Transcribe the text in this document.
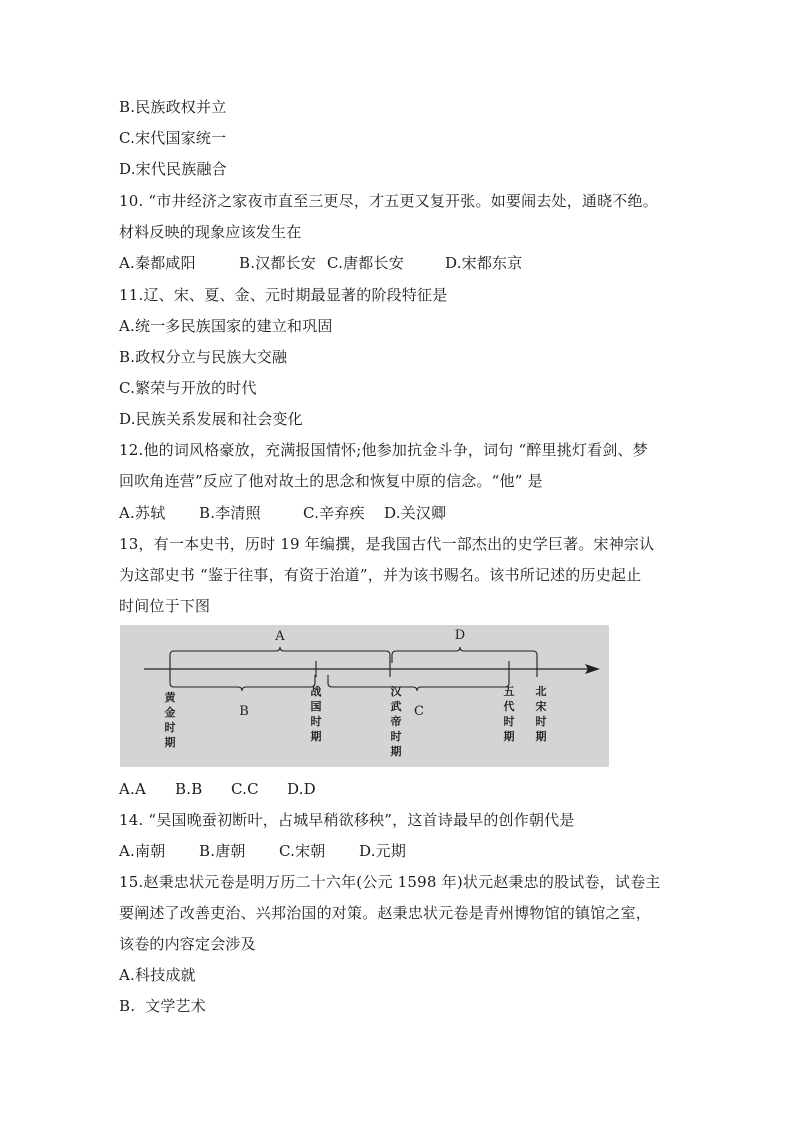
B.民族政权并立
C.宋代国家统一
D.宋代民族融合
10. “市井经济之家夜市直至三更尽，才五更又复开张。如要闹去处，通晓不绝。
材料反映的现象应该发生在
A.秦都咸阳	B.汉都长安 C.唐都长安	D.宋都东京
11.辽、宋、夏、金、元时期最显著的阶段特征是
A.统一多民族国家的建立和巩固
B.政权分立与民族大交融
C.繁荣与开放的时代
D.民族关系发展和社会变化
12.他的词风格豪放，充满报国情怀;他参加抗金斗争，词句 “醉里挑灯看剑、梦
回吹角连营”反应了他对故土的思念和恢复中原的信念。“他” 是
A.苏轼 B.李清照	C.辛弃疾 D.关汉卿
13，有一本史书，历时 19 年编撰，是我国古代一部杰出的史学巨著。宋神宗认
为这部史书 “鉴于往事，有资于治道”，并为该书赐名。该书所记述的历史起止
时间位于下图
A	D
B	C
黄金时期
战国时期
汉武帝时期
五代时期
北宋时期
A.A B.B C.C D.D
14. “吴国晚蚕初断叶，占城早稍欲移秧”，这首诗最早的创作朝代是
A.南朝 B.唐朝 C.宋朝 D.元期
15.赵秉忠状元卷是明万历二十六年(公元 1598 年)状元赵秉忠的股试卷，试卷主
要阐述了改善吏治、兴邦治国的对策。赵秉忠状元卷是青州博物馆的镇馆之室，
该卷的内容定会涉及
A.科技成就
B.  文学艺术
